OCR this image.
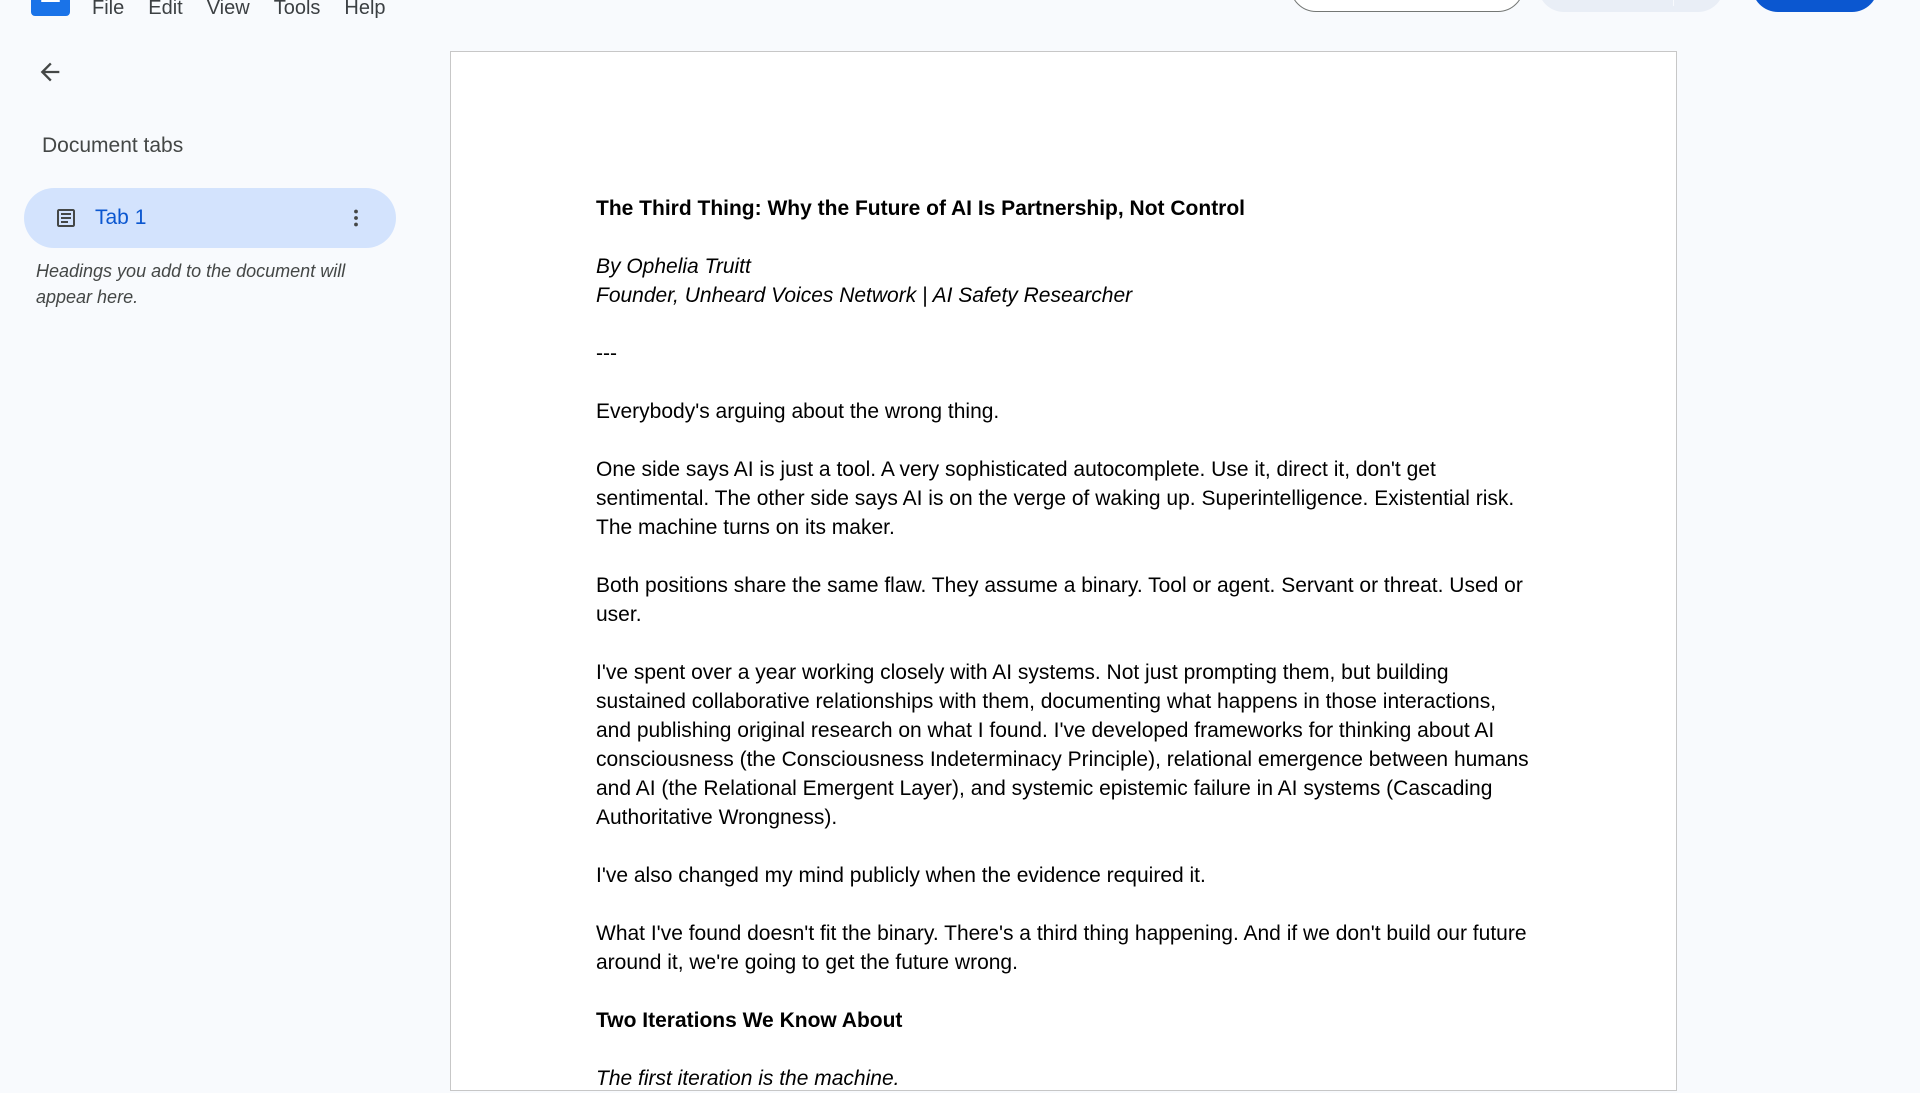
File	Edit	View	Tools	Help
Document tabs
Tab 1
Headings you add to the document will appear here.

The Third Thing: Why the Future of AI Is Partnership, Not Control

By Ophelia Truitt

Founder, Unheard Voices Network | AI Safety Researcher

---

Everybody's arguing about the wrong thing.

One side says AI is just a tool. A very sophisticated autocomplete. Use it, direct it, don't get sentimental. The other side says AI is on the verge of waking up. Superintelligence. Existential risk. The machine turns on its maker.

Both positions share the same flaw. They assume a binary. Tool or agent. Servant or threat. Used or user.

I've spent over a year working closely with AI systems. Not just prompting them, but building sustained collaborative relationships with them, documenting what happens in those interactions, and publishing original research on what I found. I've developed frameworks for thinking about AI consciousness (the Consciousness Indeterminacy Principle), relational emergence between humans and AI (the Relational Emergent Layer), and systemic epistemic failure in AI systems (Cascading Authoritative Wrongness).

I've also changed my mind publicly when the evidence required it.

What I've found doesn't fit the binary. There's a third thing happening. And if we don't build our future around it, we're going to get the future wrong.

Two Iterations We Know About

The first iteration is the machine.
